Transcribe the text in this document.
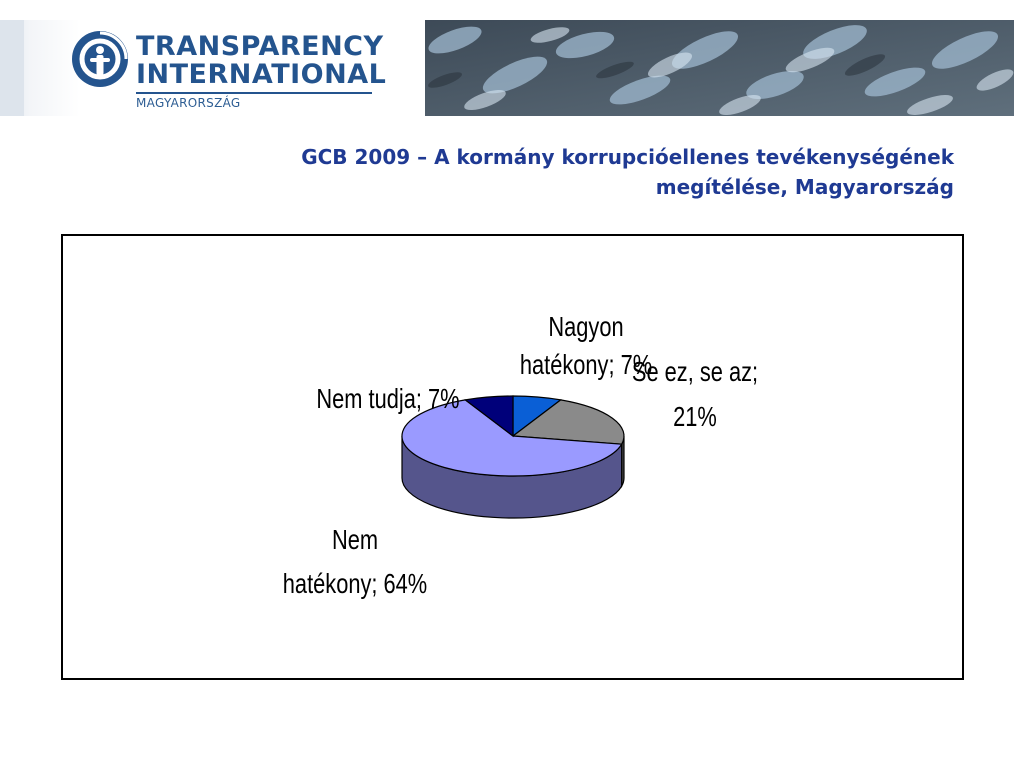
TRANSPARENCY
INTERNATIONAL
MAGYARORSZÁG
GCB 2009 – A kormány korrupcióellenes tevékenységének
megítélése, Magyarország
Nagyon hatékony; 7%
Se ez, se az; 21%
Nem hatékony; 64%
Nem tudja; 7%
